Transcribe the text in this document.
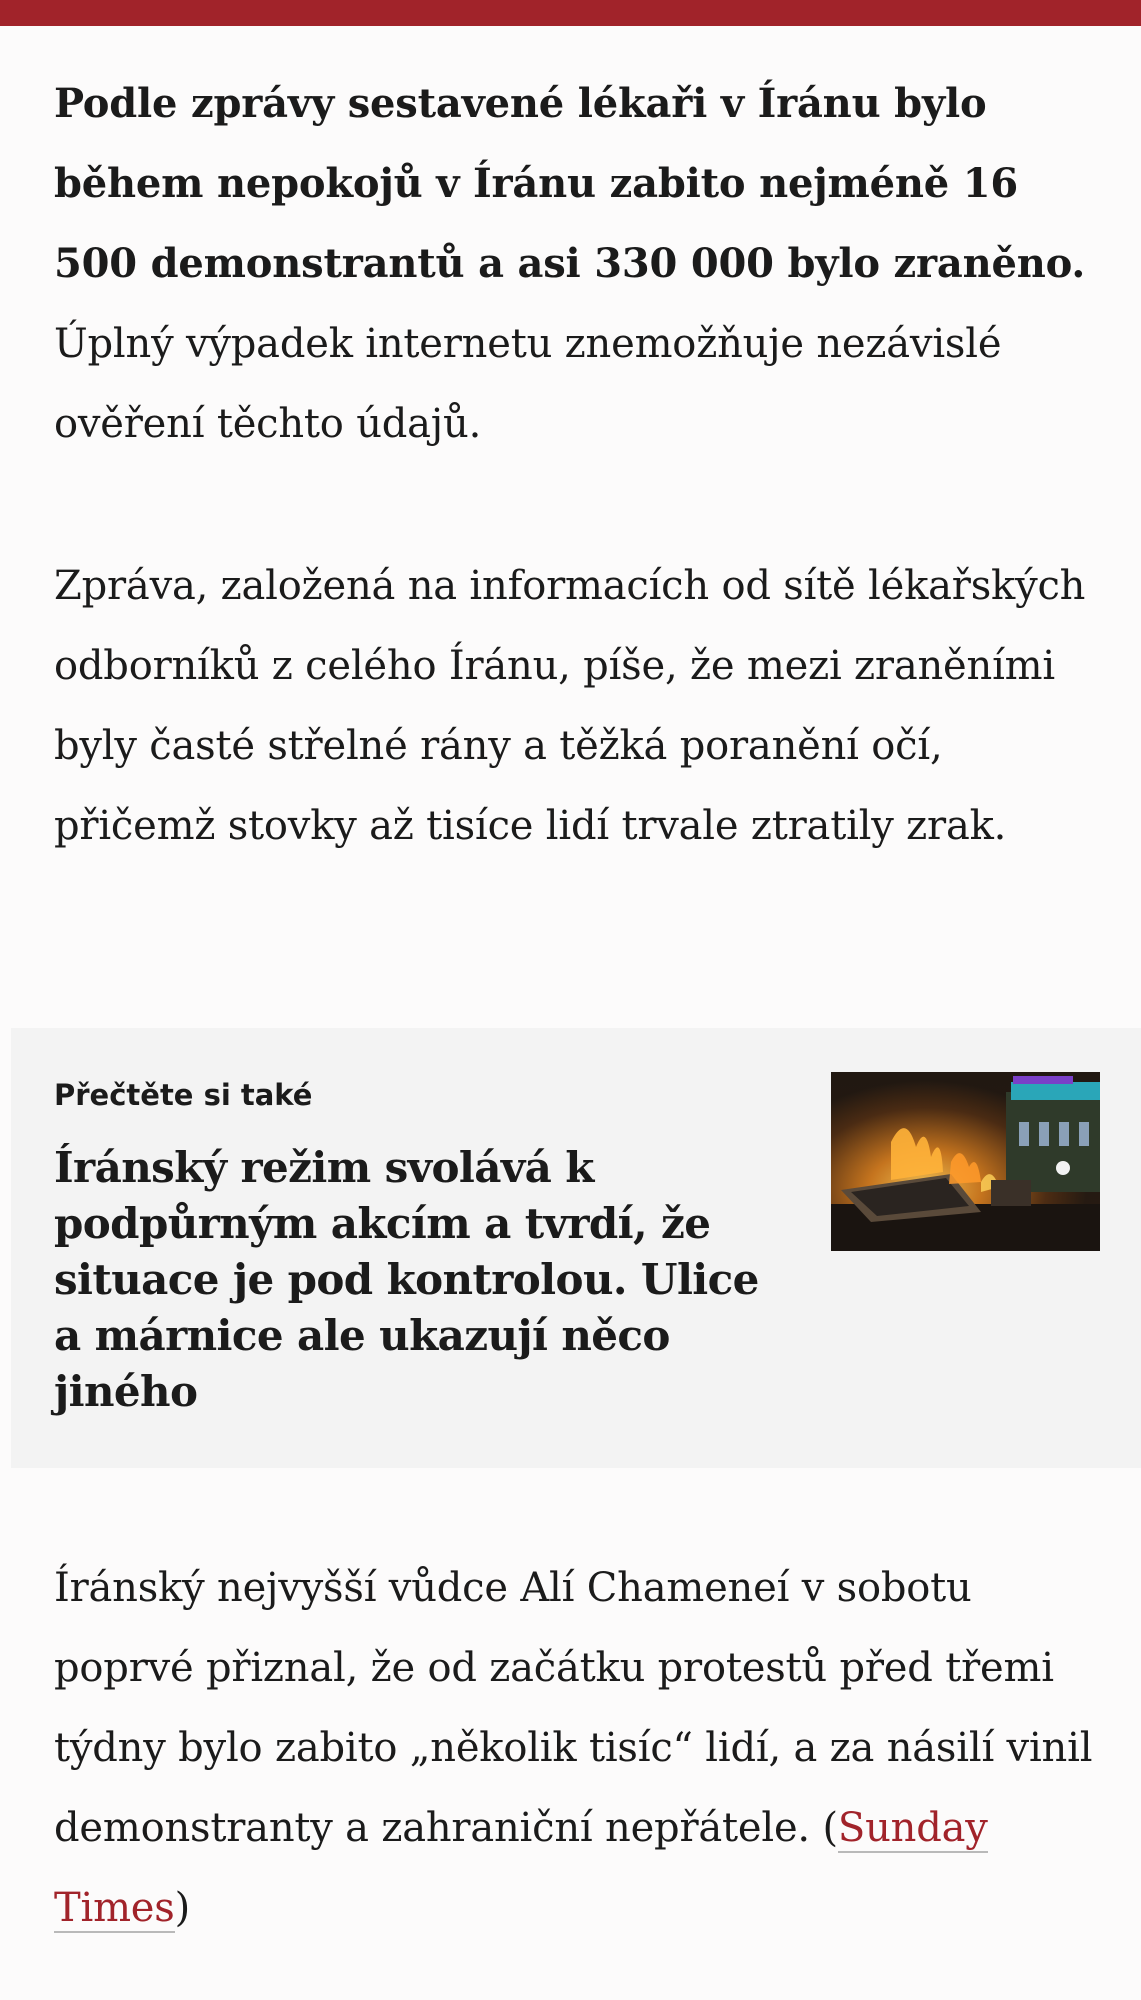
Podle zprávy sestavené lékaři v Íránu bylo během nepokojů v Íránu zabito nejméně 16 500 demonstrantů a asi 330 000 bylo zraněno. Úplný výpadek internetu znemožňuje nezávislé ověření těchto údajů.

Zpráva, založená na informacích od sítě lékařských odborníků z celého Íránu, píše, že mezi zraněními byly časté střelné rány a těžká poranění očí, přičemž stovky až tisíce lidí trvale ztratily zrak.

Přečtěte si také

Íránský režim svolává k podpůrným akcím a tvrdí, že situace je pod kontrolou. Ulice a márnice ale ukazují něco jiného

Íránský nejvyšší vůdce Alí Chameneí v sobotu poprvé přiznal, že od začátku protestů před třemi týdny bylo zabito „několik tisíc“ lidí, a za násilí vinil demonstranty a zahraniční nepřátele. (Sunday Times)
